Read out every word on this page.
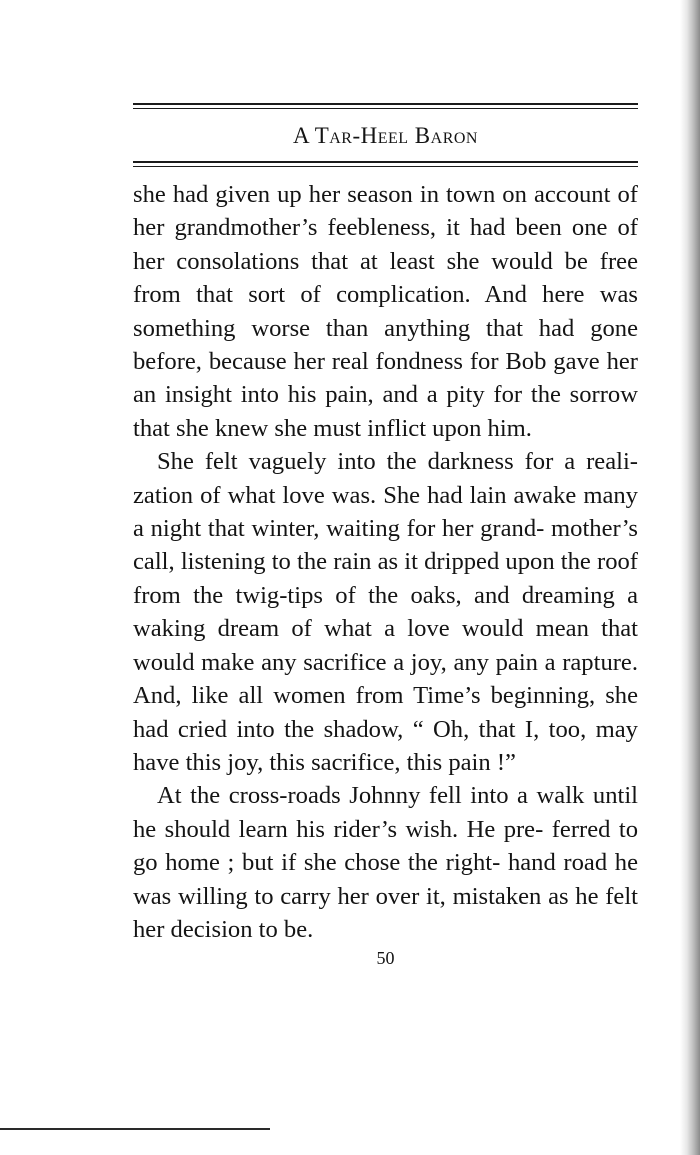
A Tar-Heel Baron

she had given up her season in town on account of her grandmother’s feebleness, it had been one of her consolations that at least she would be free from that sort of complication. And here was something worse than anything that had gone before, because her real fondness for Bob gave her an insight into his pain, and a pity for the sorrow that she knew she must inflict upon him.

She felt vaguely into the darkness for a reali- zation of what love was. She had lain awake many a night that winter, waiting for her grand- mother’s call, listening to the rain as it dripped upon the roof from the twig-tips of the oaks, and dreaming a waking dream of what a love would mean that would make any sacrifice a joy, any pain a rapture. And, like all women from Time’s beginning, she had cried into the shadow, “ Oh, that I, too, may have this joy, this sacrifice, this pain !”

At the cross-roads Johnny fell into a walk until he should learn his rider’s wish. He pre- ferred to go home ; but if she chose the right- hand road he was willing to carry her over it, mistaken as he felt her decision to be.

50
